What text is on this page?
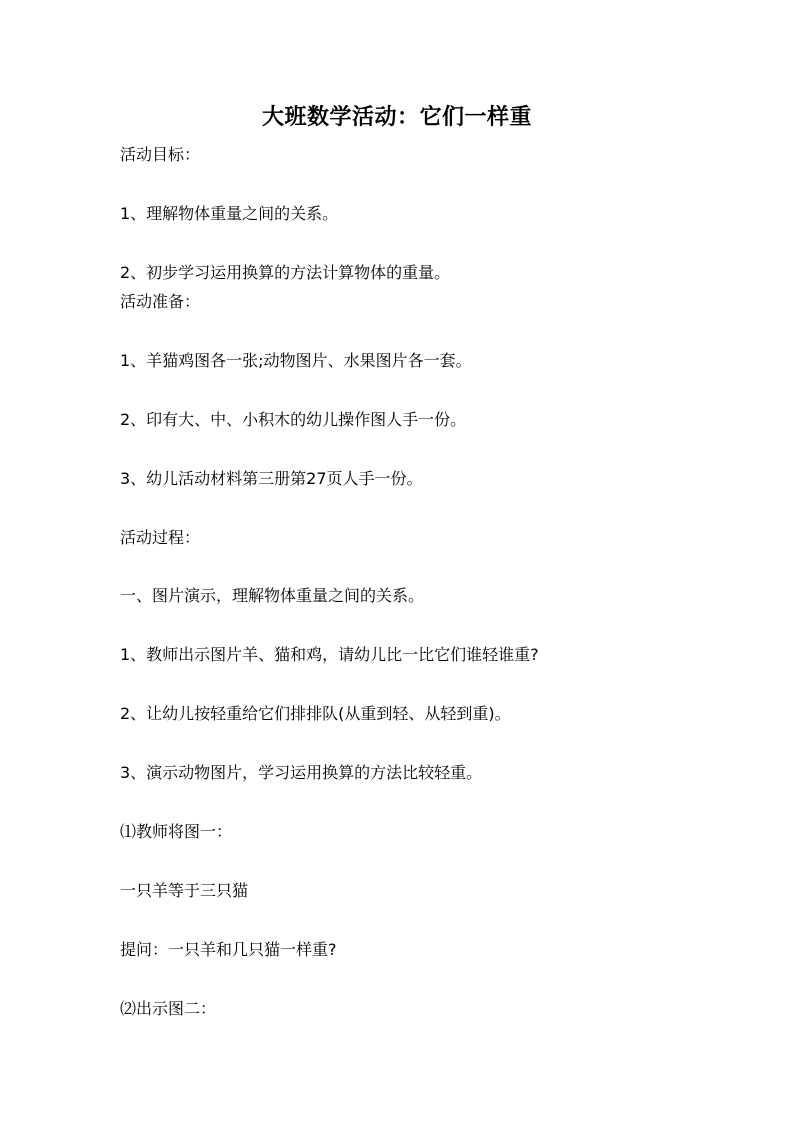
大班数学活动：它们一样重
活动目标：
1、理解物体重量之间的关系。
2、初步学习运用换算的方法计算物体的重量。
活动准备：
1、羊猫鸡图各一张;动物图片、水果图片各一套。
2、印有大、中、小积木的幼儿操作图人手一份。
3、幼儿活动材料第三册第27页人手一份。
活动过程：
一、图片演示，理解物体重量之间的关系。
1、教师出示图片羊、猫和鸡，请幼儿比一比它们谁轻谁重?
2、让幼儿按轻重给它们排排队(从重到轻、从轻到重)。
3、演示动物图片，学习运用换算的方法比较轻重。
⑴教师将图一：
一只羊等于三只猫
提问：一只羊和几只猫一样重?
⑵出示图二：
